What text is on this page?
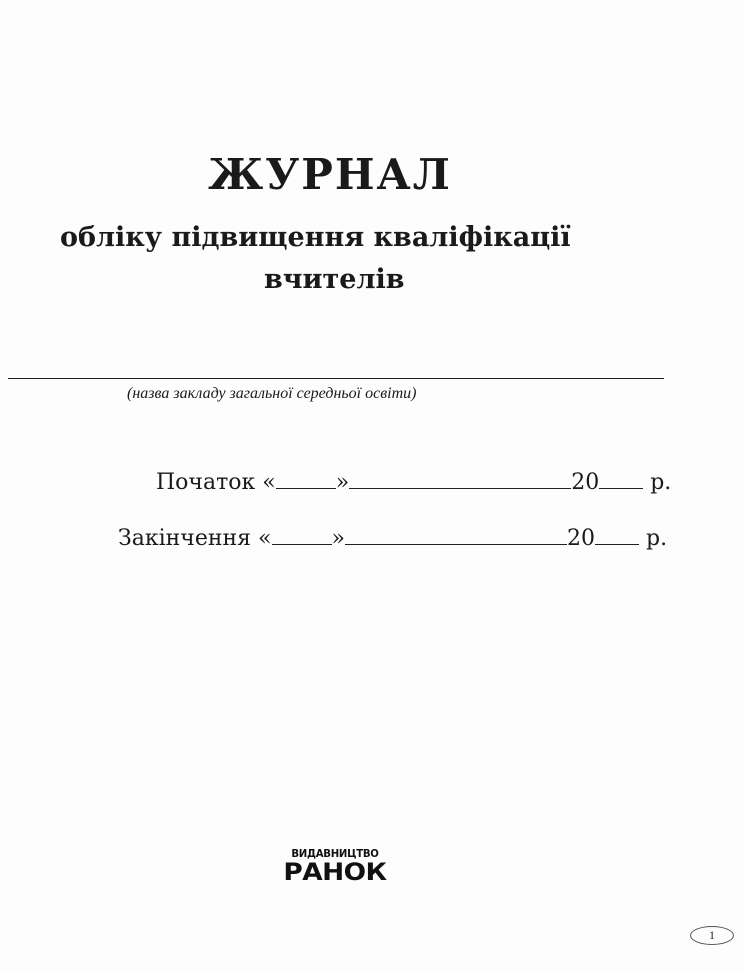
ЖУРНАЛ

обліку підвищення кваліфікації

вчителів

(назва закладу загальної середньої освіти)

Початок «	»	20 р.

Закінчення «	»	20 р.

ВИДАВНИЦТВО
РАНОК
1
